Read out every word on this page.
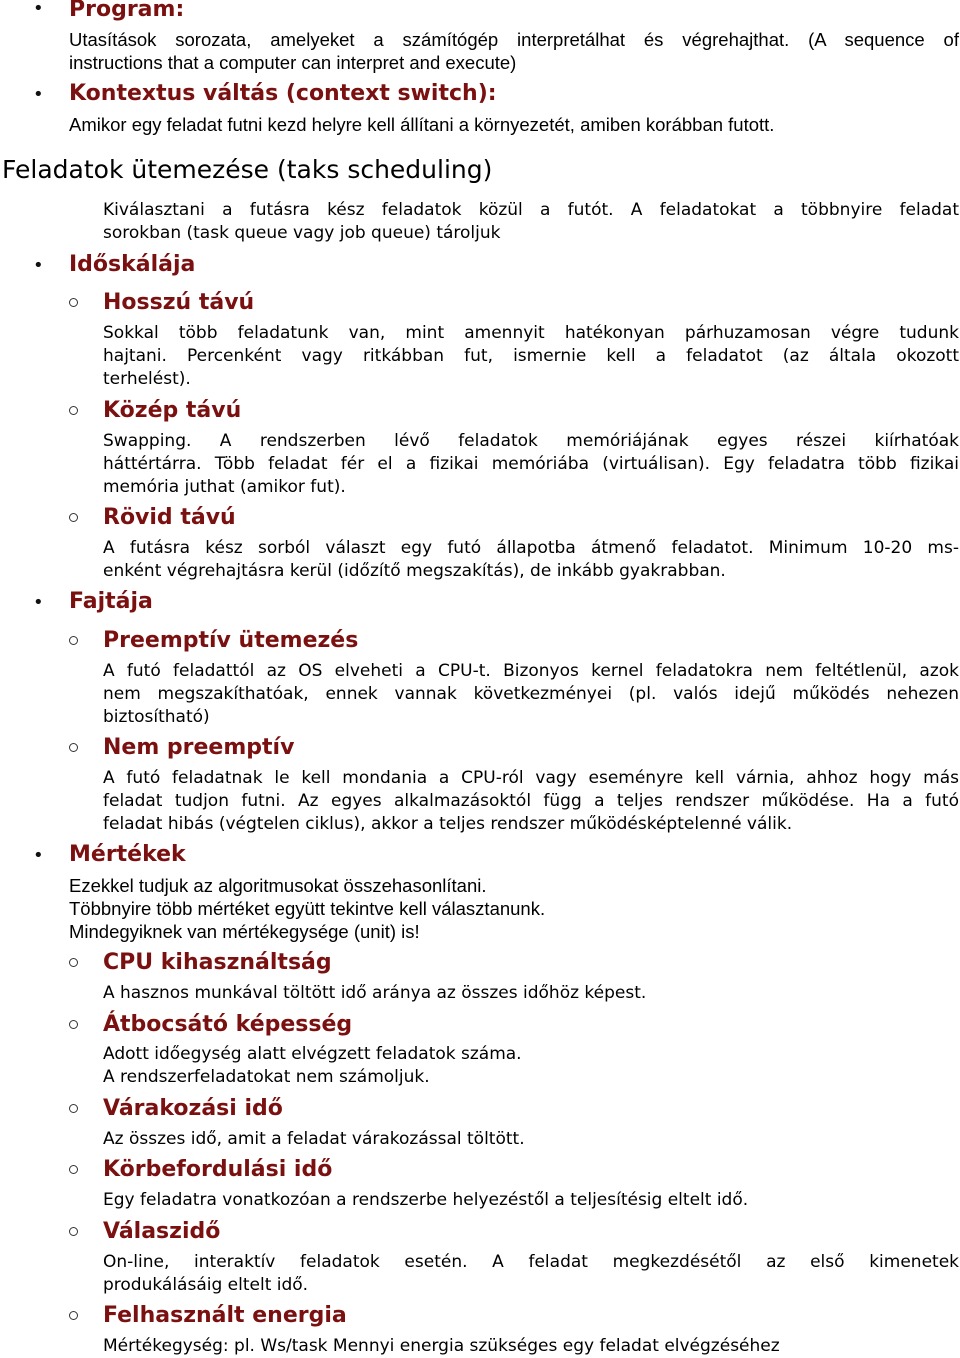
• Program:
Utasítások sorozata, amelyeket a számítógép interpretálhat és végrehajthat. (A sequence of
instructions that a computer can interpret and execute)
• Kontextus váltás (context switch):
Amikor egy feladat futni kezd helyre kell állítani a környezetét, amiben korábban futott.
Feladatok ütemezése (taks scheduling)
Kiválasztani a futásra kész feladatok közül a futót. A feladatokat a többnyire feladat
sorokban (task queue vagy job queue) tároljuk
• Időskálája
Hosszú távú
Sokkal több feladatunk van, mint amennyit hatékonyan párhuzamosan végre tudunk
hajtani. Percenként vagy ritkábban fut, ismernie kell a feladatot (az általa okozott
terhelést).
Közép távú
Swapping. A rendszerben lévő feladatok memóriájának egyes részei kiírhatóak
háttértárra. Több feladat fér el a fizikai memóriába (virtuálisan). Egy feladatra több fizikai
memória juthat (amikor fut).
Rövid távú
A futásra kész sorból választ egy futó állapotba átmenő feladatot. Minimum 10-20 ms-
enként végrehajtásra kerül (időzítő megszakítás), de inkább gyakrabban.
• Fajtája
Preemptív ütemezés
A futó feladattól az OS elveheti a CPU-t. Bizonyos kernel feladatokra nem feltétlenül, azok
nem megszakíthatóak, ennek vannak következményei (pl. valós idejű működés nehezen
biztosítható)
Nem preemptív
A futó feladatnak le kell mondania a CPU-ról vagy eseményre kell várnia, ahhoz hogy más
feladat tudjon futni. Az egyes alkalmazásoktól függ a teljes rendszer működése. Ha a futó
feladat hibás (végtelen ciklus), akkor a teljes rendszer működésképtelenné válik.
• Mértékek
Ezekkel tudjuk az algoritmusokat összehasonlítani.
Többnyire több mértéket együtt tekintve kell választanunk.
Mindegyiknek van mértékegysége (unit) is!
CPU kihasználtság
A hasznos munkával töltött idő aránya az összes időhöz képest.
Átbocsátó képesség
Adott időegység alatt elvégzett feladatok száma.
A rendszerfeladatokat nem számoljuk.
Várakozási idő
Az összes idő, amit a feladat várakozással töltött.
Körbefordulási idő
Egy feladatra vonatkozóan a rendszerbe helyezéstől a teljesítésig eltelt idő.
Válaszidő
On-line, interaktív feladatok esetén. A feladat megkezdésétől az első kimenetek
produkálásáig eltelt idő.
Felhasznált energia
Mértékegység: pl. Ws/task Mennyi energia szükséges egy feladat elvégzéséhez
